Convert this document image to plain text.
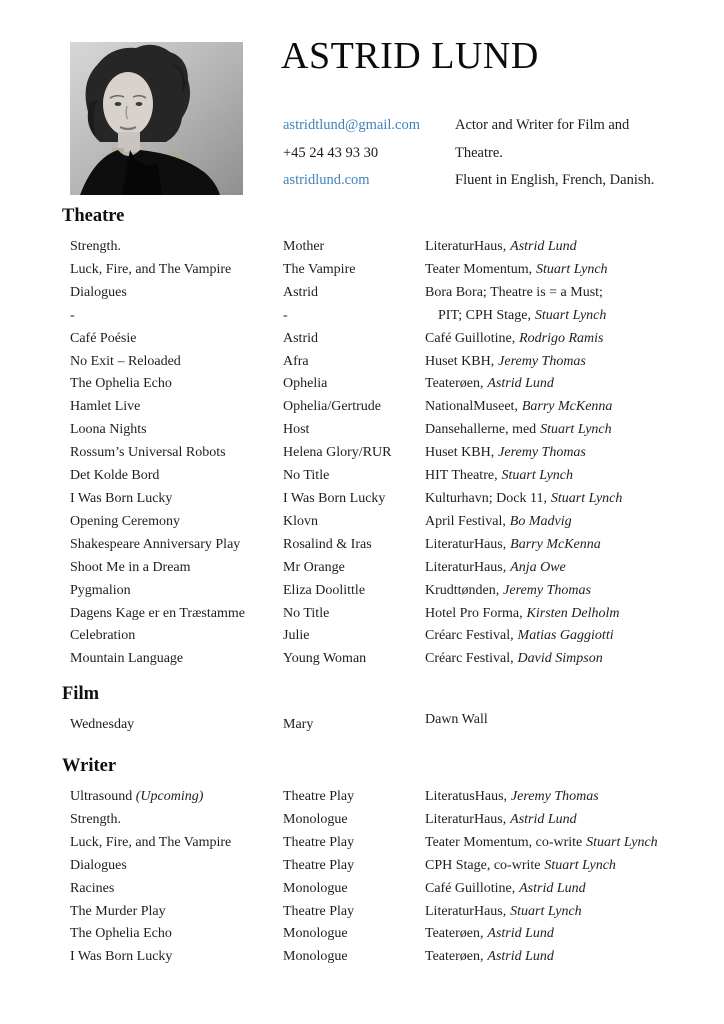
ASTRID LUND
astridtlund@gmail.com
+45 24 43 93 30
astridlund.com
Actor and Writer for Film and
Theatre.
Fluent in English, French, Danish.
Theatre
Strength.	Mother	LiteraturHaus, Astrid Lund
Luck, Fire, and The Vampire	The Vampire	Teater Momentum, Stuart Lynch
Dialogues	Astrid	Bora Bora; Theatre is = a Must;
-	-	PIT; CPH Stage, Stuart Lynch
Café Poésie	Astrid	Café Guillotine, Rodrigo Ramis
No Exit – Reloaded	Afra	Huset KBH, Jeremy Thomas
The Ophelia Echo	Ophelia	Teaterøen, Astrid Lund
Hamlet Live	Ophelia/Gertrude	NationalMuseet, Barry McKenna
Loona Nights	Host	Dansehallerne, med Stuart Lynch
Rossum’s Universal Robots	Helena Glory/RUR	Huset KBH, Jeremy Thomas
Det Kolde Bord	No Title	HIT Theatre, Stuart Lynch
I Was Born Lucky	I Was Born Lucky	Kulturhavn; Dock 11, Stuart Lynch
Opening Ceremony	Klovn	April Festival, Bo Madvig
Shakespeare Anniversary Play	Rosalind & Iras	LiteraturHaus, Barry McKenna
Shoot Me in a Dream	Mr Orange	LiteraturHaus, Anja Owe
Pygmalion	Eliza Doolittle	Krudttønden, Jeremy Thomas
Dagens Kage er en Træstamme	No Title	Hotel Pro Forma, Kirsten Delholm
Celebration	Julie	Créarc Festival, Matias Gaggiotti
Mountain Language	Young Woman	Créarc Festival, David Simpson
Film
Wednesday	Mary	Dawn Wall
Writer
Ultrasound (Upcoming)	Theatre Play	LiteratusHaus, Jeremy Thomas
Strength.	Monologue	LiteraturHaus, Astrid Lund
Luck, Fire, and The Vampire	Theatre Play	Teater Momentum, co-write Stuart Lynch
Dialogues	Theatre Play	CPH Stage, co-write Stuart Lynch
Racines	Monologue	Café Guillotine, Astrid Lund
The Murder Play	Theatre Play	LiteraturHaus, Stuart Lynch
The Ophelia Echo	Monologue	Teaterøen, Astrid Lund
I Was Born Lucky	Monologue	Teaterøen, Astrid Lund
